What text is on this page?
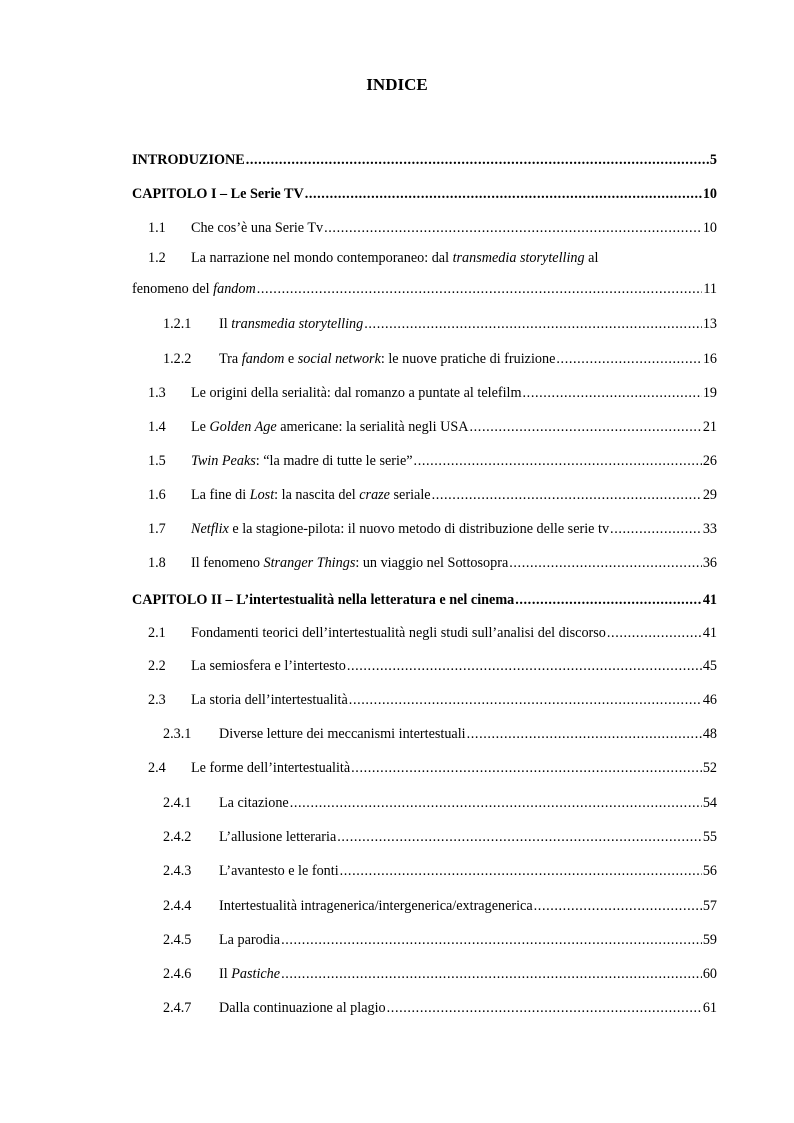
INDICE
INTRODUZIONE .....	5
CAPITOLO I – Le Serie TV .....	10
1.1	Che cos’è una Serie Tv .....	10
1.2 La narrazione nel mondo contemporaneo: dal transmedia storytelling al
fenomeno del fandom .....	11
1.2.1	Il transmedia storytelling .....	13
1.2.2	Tra fandom e social network: le nuove pratiche di fruizione .....	16
1.3	Le origini della serialità: dal romanzo a puntate al telefilm .....	19
1.4	Le Golden Age americane: la serialità negli USA .....	21
1.5	Twin Peaks: “la madre di tutte le serie” .....	26
1.6	La fine di Lost: la nascita del craze seriale .....	29
1.7	Netflix e la stagione-pilota: il nuovo metodo di distribuzione delle serie tv .....	33
1.8	Il fenomeno Stranger Things: un viaggio nel Sottosopra .....	36
CAPITOLO II – L’intertestualità nella letteratura e nel cinema .....	41
2.1	Fondamenti teorici dell’intertestualità negli studi sull’analisi del discorso .....	41
2.2	La semiosfera e l’intertesto .....	45
2.3	La storia dell’intertestualità .....	46
2.3.1	Diverse letture dei meccanismi intertestuali .....	48
2.4	Le forme dell’intertestualità .....	52
2.4.1	La citazione .....	54
2.4.2	L’allusione letteraria .....	55
2.4.3	L’avantesto e le fonti .....	56
2.4.4	Intertestualità intragenerica/intergenerica/extragenerica .....	57
2.4.5	La parodia .....	59
2.4.6	Il Pastiche .....	60
2.4.7	Dalla continuazione al plagio .....	61
